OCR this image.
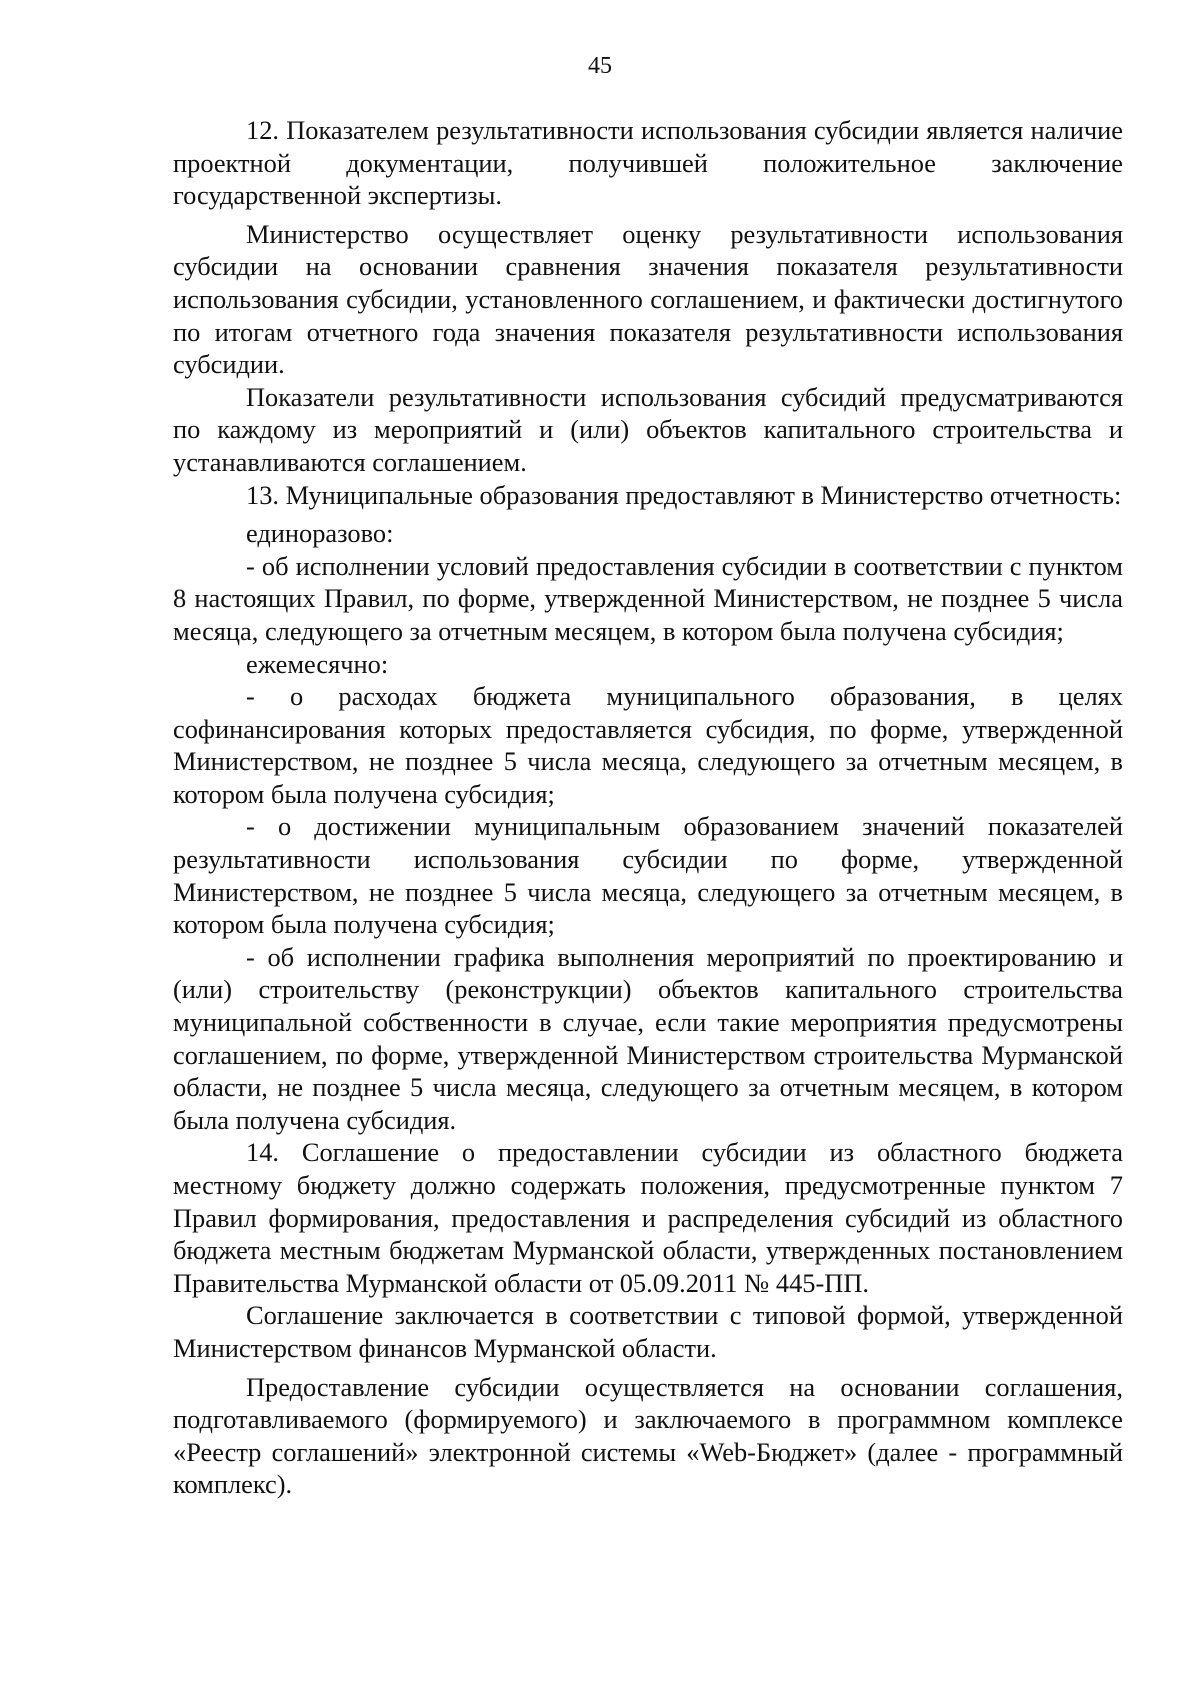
45

12. Показателем результативности использования субсидии является наличие проектной документации, получившей положительное заключение государственной экспертизы.

Министерство осуществляет оценку результативности использования субсидии на основании сравнения значения показателя результативности использования субсидии, установленного соглашением, и фактически достигнутого по итогам отчетного года значения показателя результативности использования субсидии.

Показатели результативности использования субсидий предусматриваются по каждому из мероприятий и (или) объектов капитального строительства и устанавливаются соглашением.

13. Муниципальные образования предоставляют в Министерство отчетность:

единоразово:

- об исполнении условий предоставления субсидии в соответствии с пунктом 8 настоящих Правил, по форме, утвержденной Министерством, не позднее 5 числа месяца, следующего за отчетным месяцем, в котором была получена субсидия;

ежемесячно:

- о расходах бюджета муниципального образования, в целях софинансирования которых предоставляется субсидия, по форме, утвержденной Министерством, не позднее 5 числа месяца, следующего за отчетным месяцем, в котором была получена субсидия;

- о достижении муниципальным образованием значений показателей результативности использования субсидии по форме, утвержденной Министерством, не позднее 5 числа месяца, следующего за отчетным месяцем, в котором была получена субсидия;

- об исполнении графика выполнения мероприятий по проектированию и (или) строительству (реконструкции) объектов капитального строительства муниципальной собственности в случае, если такие мероприятия предусмотрены соглашением, по форме, утвержденной Министерством строительства Мурманской области, не позднее 5 числа месяца, следующего за отчетным месяцем, в котором была получена субсидия.

14. Соглашение о предоставлении субсидии из областного бюджета местному бюджету должно содержать положения, предусмотренные пунктом 7 Правил формирования, предоставления и распределения субсидий из областного бюджета местным бюджетам Мурманской области, утвержденных постановлением Правительства Мурманской области от 05.09.2011 № 445-ПП.

Соглашение заключается в соответствии с типовой формой, утвержденной Министерством финансов Мурманской области.

Предоставление субсидии осуществляется на основании соглашения, подготавливаемого (формируемого) и заключаемого в программном комплексе «Реестр соглашений» электронной системы «Web-Бюджет» (далее - программный комплекс).
